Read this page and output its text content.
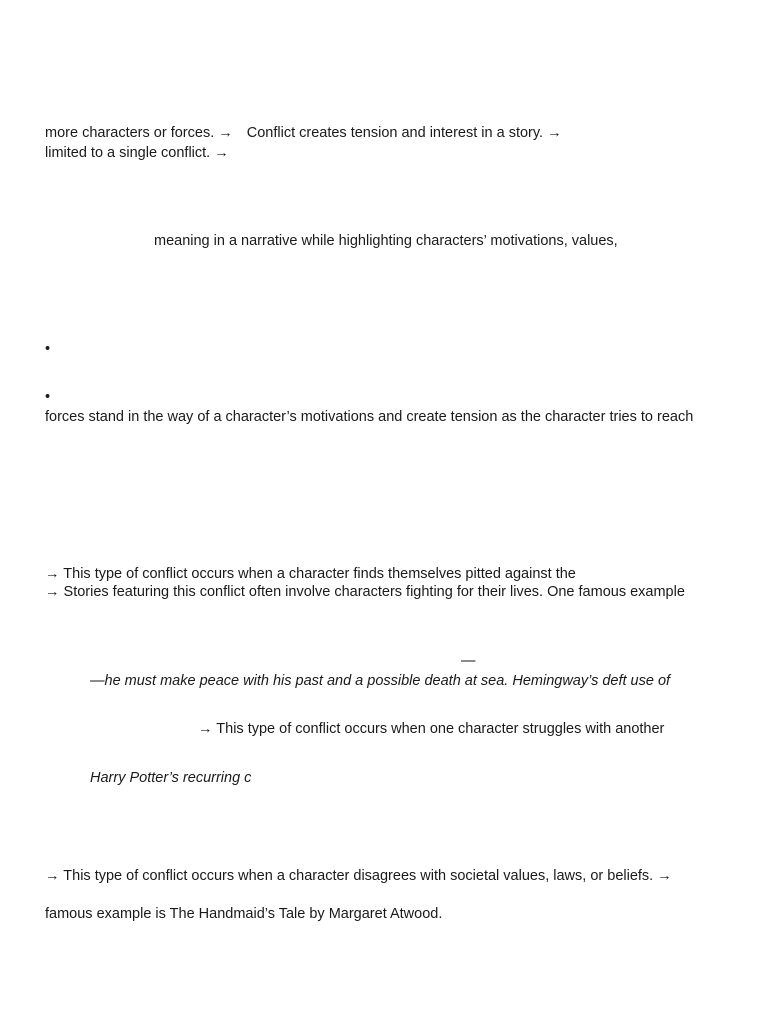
more characters or forces. → Conflict creates tension and interest in a story. →
limited to a single conflict. →
meaning in a narrative while highlighting characters’ motivations, values,
•
•
forces stand in the way of a character’s motivations and create tension as the character tries to reach
→ This type of conflict occurs when a character finds themselves pitted against the
→ Stories featuring this conflict often involve characters fighting for their lives. One famous example
—
—he must make peace with his past and a possible death at sea. Hemingway’s deft use of
→ This type of conflict occurs when one character struggles with another
Harry Potter’s recurring c
→ This type of conflict occurs when a character disagrees with societal values, laws, or beliefs. →
famous example is The Handmaid’s Tale by Margaret Atwood.
